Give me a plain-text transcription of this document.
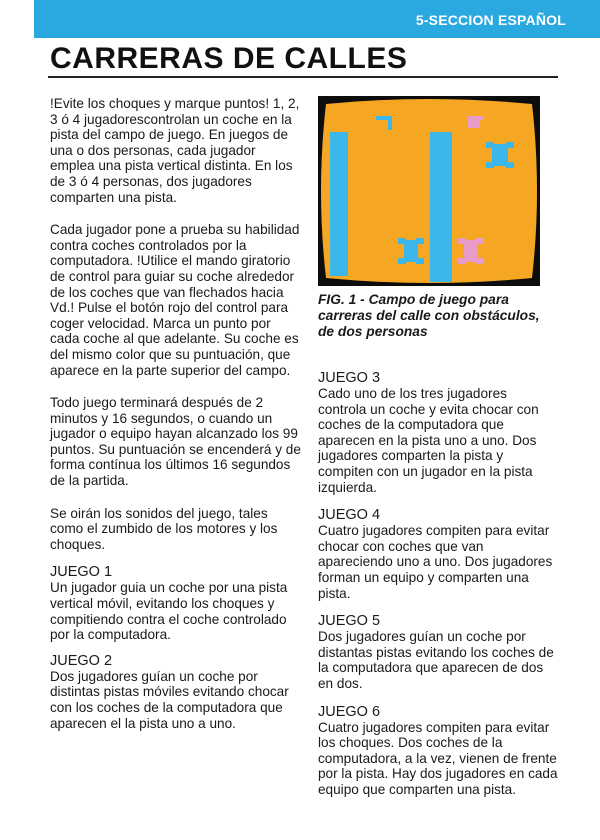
5-SECCION ESPAÑOL
CARRERAS DE CALLES

!Evite los choques y marque puntos! 1, 2, 3 ó 4 jugadorescontrolan un coche en la pista del campo de juego. En juegos de una o dos personas, cada jugador emplea una pista vertical distinta. En los de 3 ó 4 personas, dos jugadores comparten una pista.

Cada jugador pone a prueba su habilidad contra coches controlados por la computadora. !Utilice el mando giratorio de control para guiar su coche alrededor de los coches que van flechados hacia Vd.! Pulse el botón rojo del control para coger velocidad. Marca un punto por cada coche al que adelante. Su coche es del mismo color que su puntuación, que aparece en la parte superior del campo.

Todo juego terminará después de 2 minutos y 16 segundos, o cuando un jugador o equipo hayan alcanzado los 99 puntos. Su puntuación se encenderá y de forma contínua los últimos 16 segundos de la partida.

Se oirán los sonidos del juego, tales como el zumbido de los motores y los choques.

JUEGO 1

Un jugador guia un coche por una pista vertical móvil, evitando los choques y compitiendo contra el coche controlado por la computadora.

JUEGO 2

Dos jugadores guían un coche por distintas pistas móviles evitando chocar con los coches de la computadora que aparecen el la pista uno a uno.

FIG. 1 - Campo de juego para carreras del calle con obstáculos, de dos personas

JUEGO 3

Cado uno de los tres jugadores controla un coche y evita chocar con coches de la computadora que aparecen en la pista uno a uno. Dos jugadores comparten la pista y compiten con un jugador en la pista izquierda.

JUEGO 4

Cuatro jugadores compiten para evitar chocar con coches que van apareciendo uno a uno. Dos jugadores forman un equipo y comparten una pista.

JUEGO 5

Dos jugadores guían un coche por distantas pistas evitando los coches de la computadora que aparecen de dos en dos.

JUEGO 6

Cuatro jugadores compiten para evitar los choques. Dos coches de la computadora, a la vez, vienen de frente por la pista. Hay dos jugadores en cada equipo que comparten una pista.
